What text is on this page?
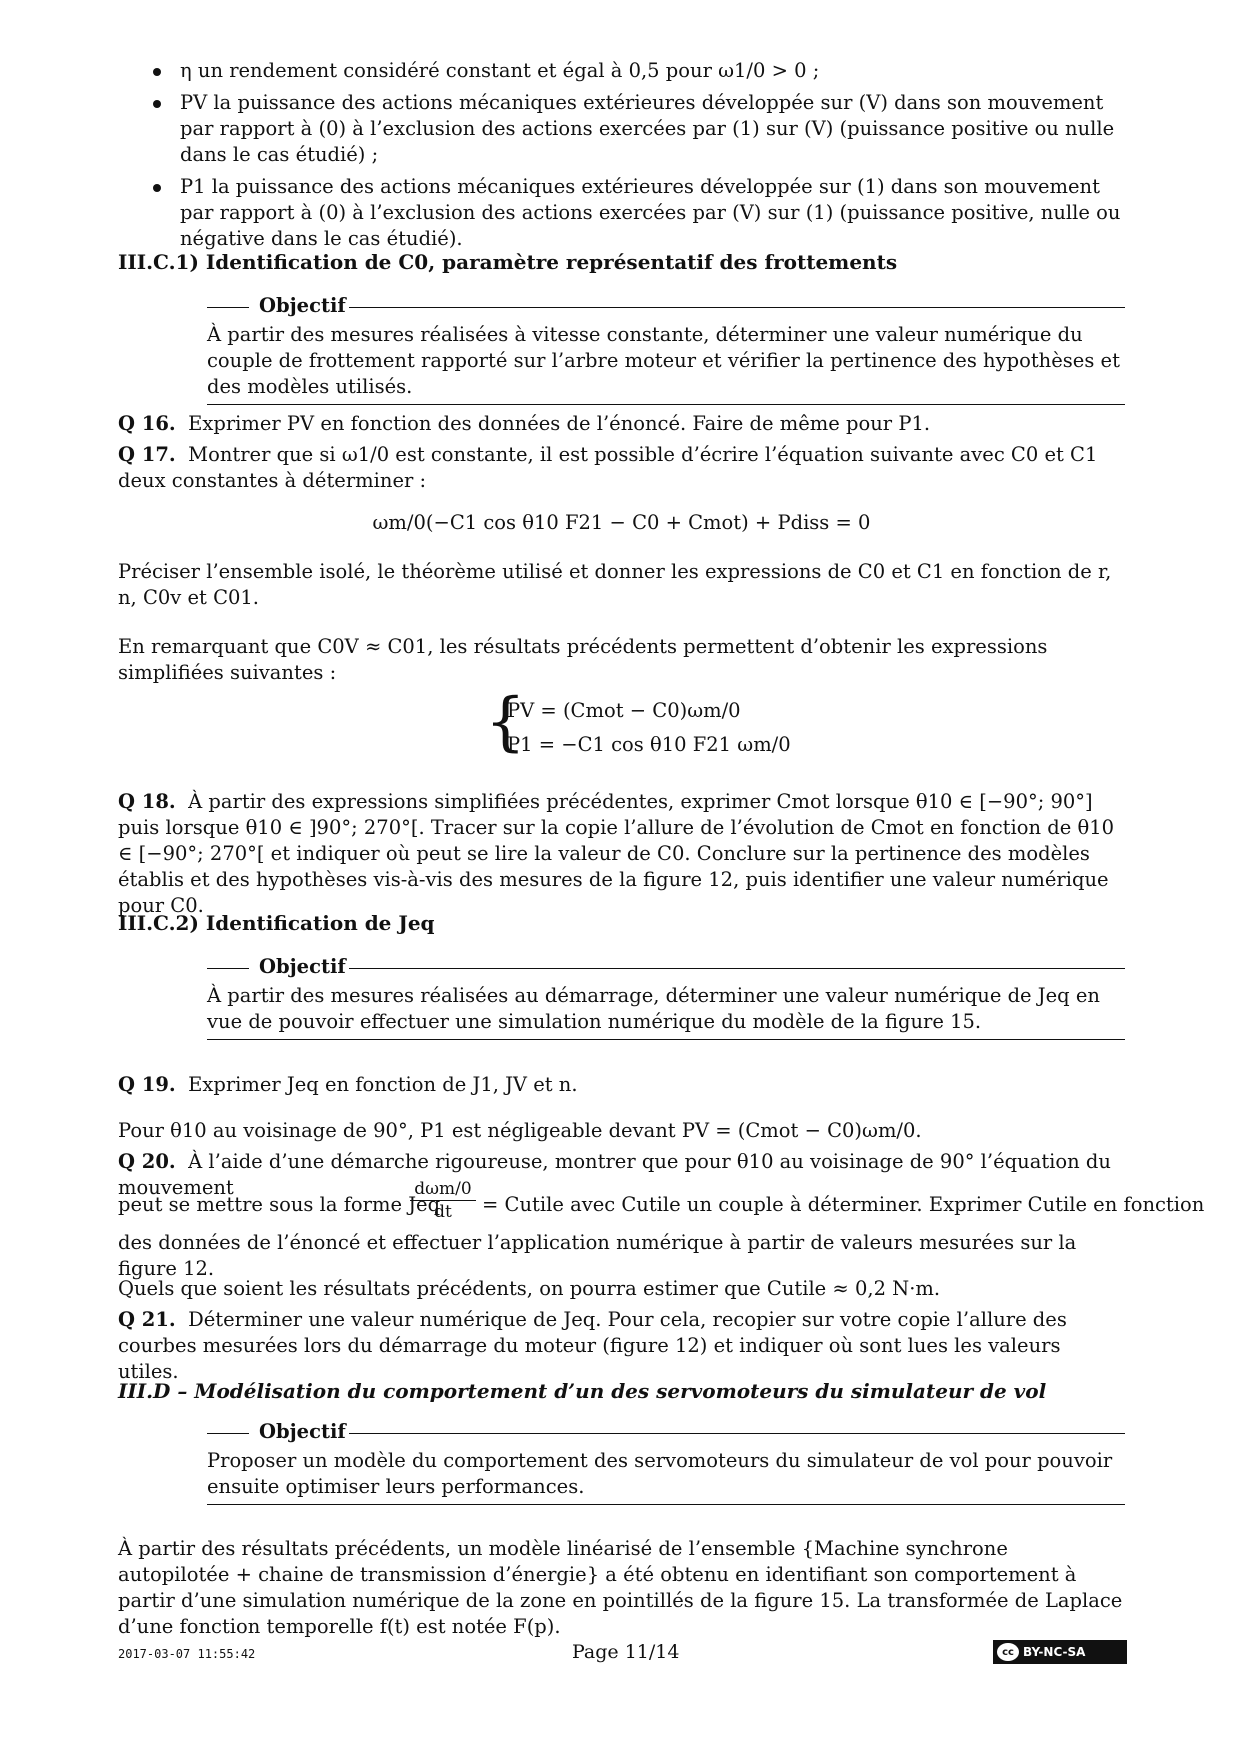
η un rendement considéré constant et égal à 0,5 pour ω1/0 > 0 ;
PV la puissance des actions mécaniques extérieures développée sur (V) dans son mouvement par rapport à (0) à l’exclusion des actions exercées par (1) sur (V) (puissance positive ou nulle dans le cas étudié) ;
P1 la puissance des actions mécaniques extérieures développée sur (1) dans son mouvement par rapport à (0) à l’exclusion des actions exercées par (V) sur (1) (puissance positive, nulle ou négative dans le cas étudié).
III.C.1) Identification de C0, paramètre représentatif des frottements
Objectif
À partir des mesures réalisées à vitesse constante, déterminer une valeur numérique du couple de frottement rapporté sur l’arbre moteur et vérifier la pertinence des hypothèses et des modèles utilisés.
Q 16. Exprimer PV en fonction des données de l’énoncé. Faire de même pour P1.
Q 17. Montrer que si ω1/0 est constante, il est possible d’écrire l’équation suivante avec C0 et C1 deux constantes à déterminer :
ωm/0(−C1 cos θ10 F21 − C0 + Cmot) + Pdiss = 0
Préciser l’ensemble isolé, le théorème utilisé et donner les expressions de C0 et C1 en fonction de r, n, C0v et C01.
En remarquant que C0V ≈ C01, les résultats précédents permettent d’obtenir les expressions simplifiées suivantes :
{
PV = (Cmot − C0)ωm/0
P1 = −C1 cos θ10 F21 ωm/0
Q 18. À partir des expressions simplifiées précédentes, exprimer Cmot lorsque θ10 ∈ [−90°; 90°] puis lorsque θ10 ∈ ]90°; 270°[. Tracer sur la copie l’allure de l’évolution de Cmot en fonction de θ10 ∈ [−90°; 270°[ et indiquer où peut se lire la valeur de C0. Conclure sur la pertinence des modèles établis et des hypothèses vis-à-vis des mesures de la figure 12, puis identifier une valeur numérique pour C0.
III.C.2) Identification de Jeq
Objectif
À partir des mesures réalisées au démarrage, déterminer une valeur numérique de Jeq en vue de pouvoir effectuer une simulation numérique du modèle de la figure 15.
Q 19. Exprimer Jeq en fonction de J1, JV et n.
Pour θ10 au voisinage de 90°, P1 est négligeable devant PV = (Cmot − C0)ωm/0.
Q 20. À l’aide d’une démarche rigoureuse, montrer que pour θ10 au voisinage de 90° l’équation du mouvement
peut se mettre sous la forme Jeq
dωm/0
dt	= Cutile avec Cutile un couple à déterminer. Exprimer Cutile en fonction
des données de l’énoncé et effectuer l’application numérique à partir de valeurs mesurées sur la figure 12.
Quels que soient les résultats précédents, on pourra estimer que Cutile ≈ 0,2 N·m.
Q 21. Déterminer une valeur numérique de Jeq. Pour cela, recopier sur votre copie l’allure des courbes mesurées lors du démarrage du moteur (figure 12) et indiquer où sont lues les valeurs utiles.
III.D – Modélisation du comportement d’un des servomoteurs du simulateur de vol
Objectif
Proposer un modèle du comportement des servomoteurs du simulateur de vol pour pouvoir ensuite optimiser leurs performances.
À partir des résultats précédents, un modèle linéarisé de l’ensemble {Machine synchrone autopilotée + chaine de transmission d’énergie} a été obtenu en identifiant son comportement à partir d’une simulation numérique de la zone en pointillés de la figure 15. La transformée de Laplace d’une fonction temporelle f(t) est notée F(p).
2017-03-07 11:55:42	Page 11/14	cc BY-NC-SA
